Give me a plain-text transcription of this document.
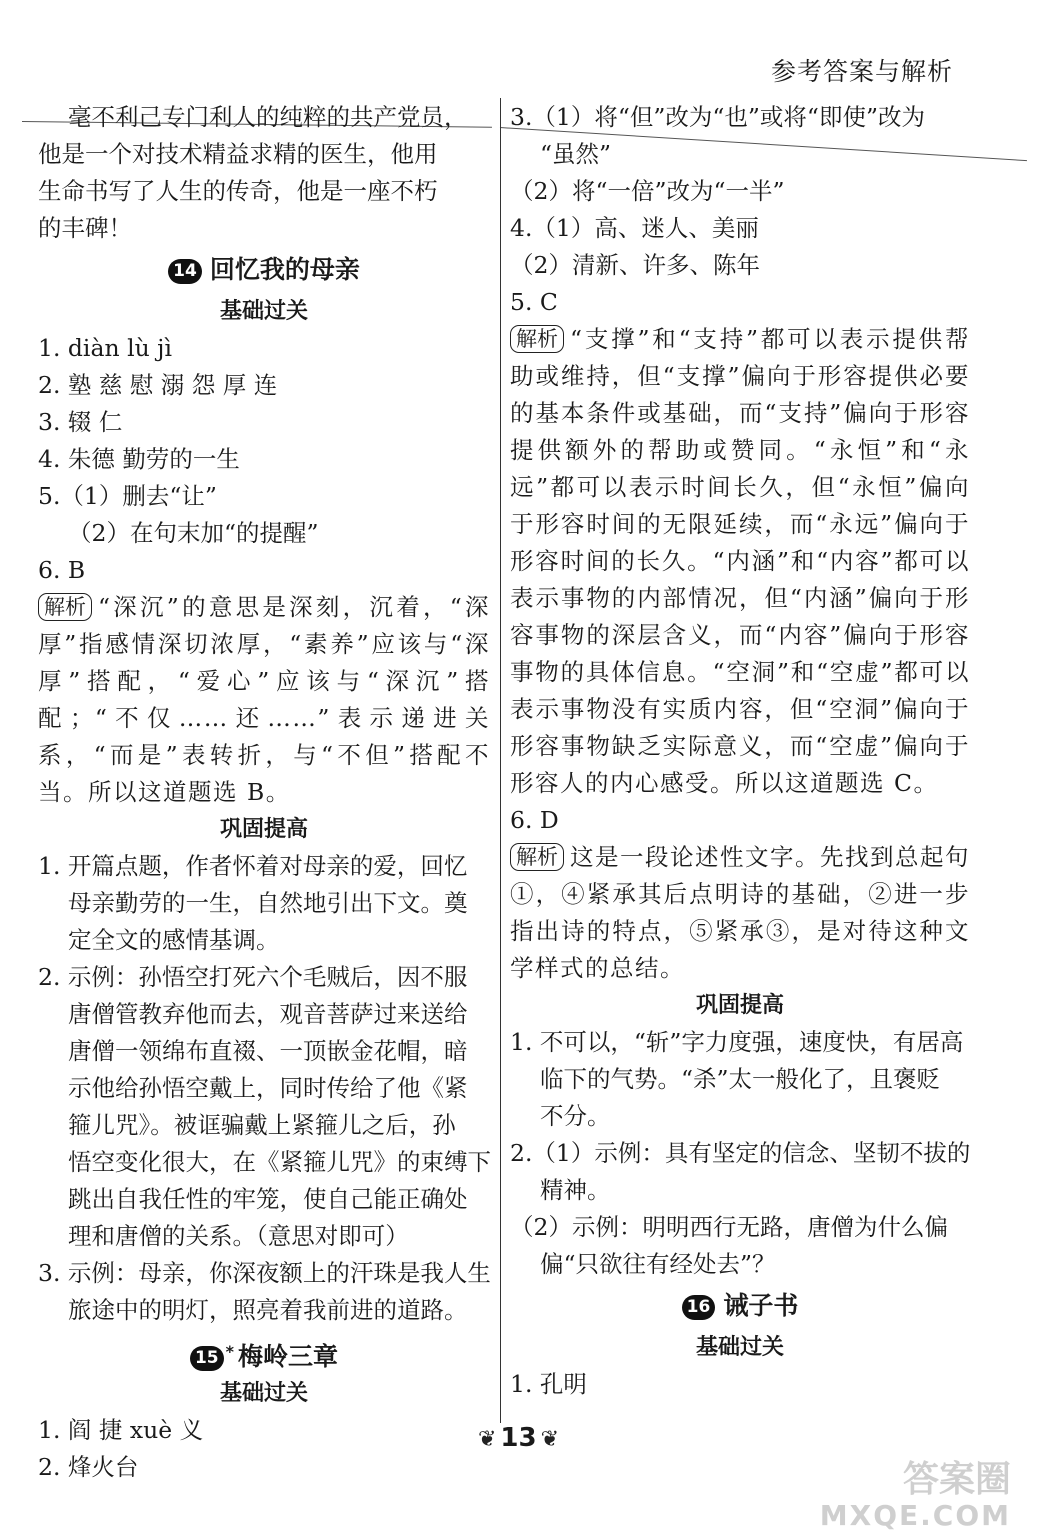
参考答案与解析
毫不利己专门利人的纯粹的共产党员，
他是一个对技术精益求精的医生，他用
生命书写了人生的传奇，他是一座不朽
的丰碑！
14 回忆我的母亲
基础过关
1. diàn lù jì
2. 塾 慈 慰 溺 怨 厚 连
3. 辍 仁
4. 朱德 勤劳的一生
5.（1）删去“让”
（2）在句末加“的提醒”
6. B
解析 “深沉”的意思是深刻，沉着，“深厚”指感情深切浓厚，“素养”应该与“深厚”搭配，“爱心”应该与“深沉”搭配；“不仅……还……”表示递进关系，“而是”表转折，与“不但”搭配不当。所以这道题选 B。
巩固提高
1. 开篇点题，作者怀着对母亲的爱，回忆
母亲勤劳的一生，自然地引出下文。奠
定全文的感情基调。
2. 示例：孙悟空打死六个毛贼后，因不服
唐僧管教弃他而去，观音菩萨过来送给
唐僧一领绵布直裰、一顶嵌金花帽，暗
示他给孙悟空戴上，同时传给了他《紧
箍儿咒》。被诓骗戴上紧箍儿之后，孙
悟空变化很大，在《紧箍儿咒》的束缚下
跳出自我任性的牢笼，使自己能正确处
理和唐僧的关系。（意思对即可）
3. 示例：母亲，你深夜额上的汗珠是我人生
旅途中的明灯，照亮着我前进的道路。
15 * 梅岭三章
基础过关
1. 阎 捷 xuè 义
2. 烽火台
3.（1）将“但”改为“也”或将“即使”改为
“虽然”
（2）将“一倍”改为“一半”
4.（1）高、迷人、美丽
（2）清新、许多、陈年
5. C
解析 “支撑”和“支持”都可以表示提供帮助或维持，但“支撑”偏向于形容提供必要的基本条件或基础，而“支持”偏向于形容提供额外的帮助或赞同。“永恒”和“永远”都可以表示时间长久，但“永恒”偏向于形容时间的无限延续，而“永远”偏向于形容时间的长久。“内涵”和“内容”都可以表示事物的内部情况，但“内涵”偏向于形容事物的深层含义，而“内容”偏向于形容事物的具体信息。“空洞”和“空虚”都可以表示事物没有实质内容，但“空洞”偏向于形容事物缺乏实际意义，而“空虚”偏向于形容人的内心感受。所以这道题选 C。
6. D
解析 这是一段论述性文字。先找到总起句①，④紧承其后点明诗的基础，②进一步指出诗的特点，⑤紧承③，是对待这种文学样式的总结。
巩固提高
1. 不可以，“斩”字力度强，速度快，有居高
临下的气势。“杀”太一般化了，且褒贬
不分。
2.（1）示例：具有坚定的信念、坚韧不拔的
精神。
（2）示例：明明西行无路，唐僧为什么偏
偏“只欲往有经处去”？
16 诫子书
基础过关
1. 孔明
❦ 13 ❦
答案圈
MXQE.COM
